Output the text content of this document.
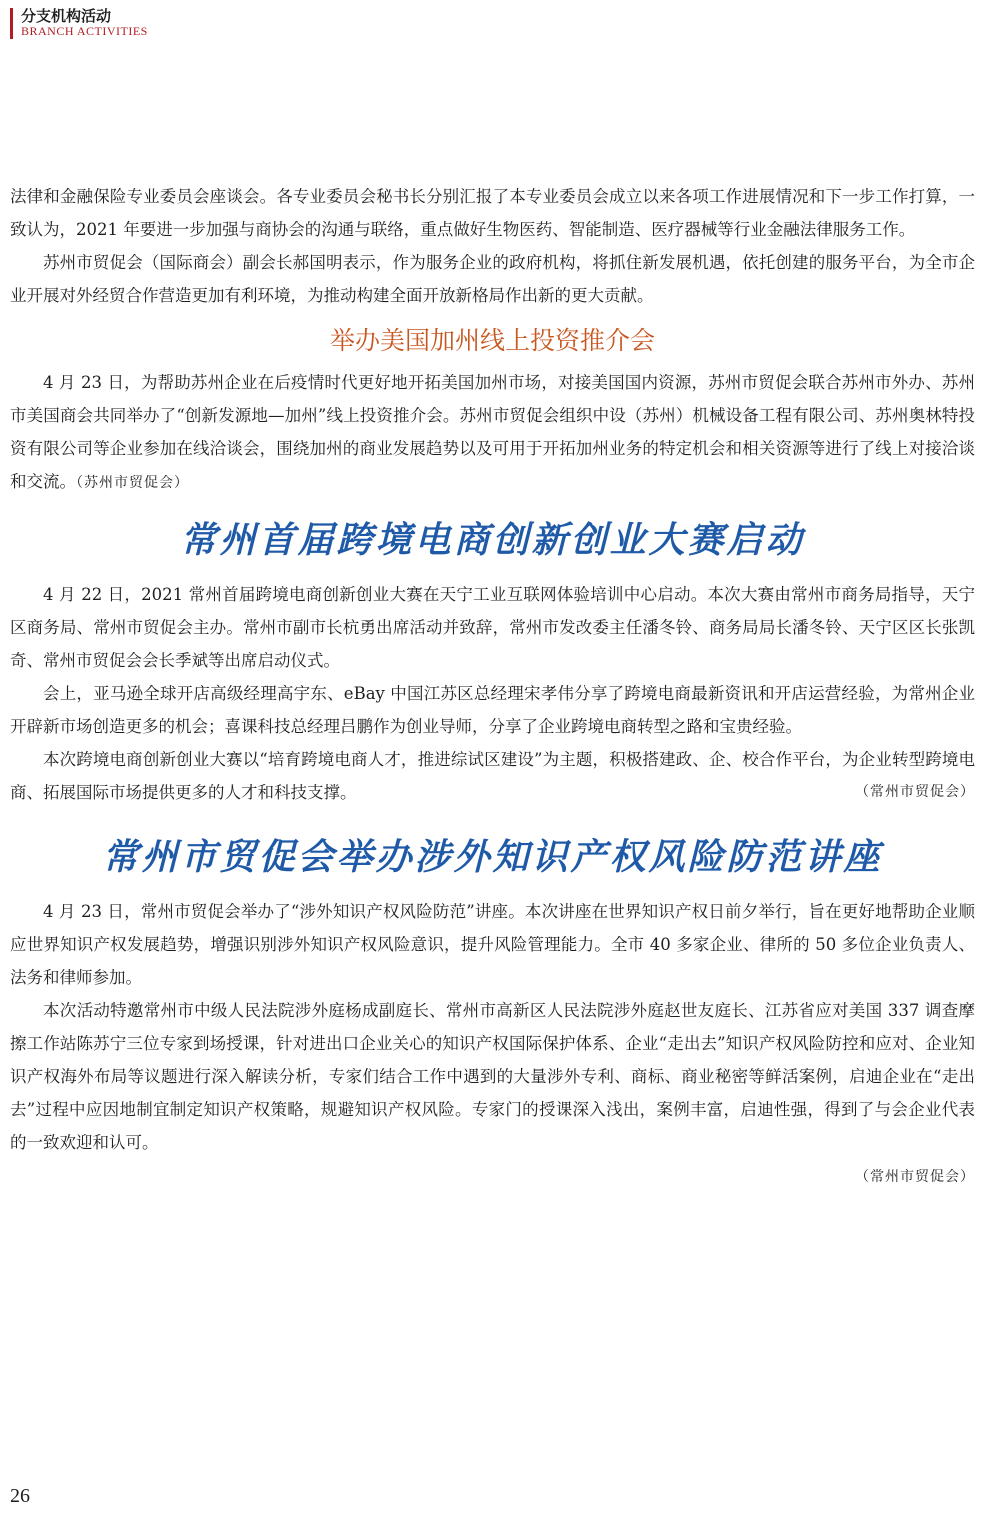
分支机构活动
BRANCH ACTIVITIES

法律和金融保险专业委员会座谈会。各专业委员会秘书长分别汇报了本专业委员会成立以来各项工作进展情况和下一步工作打算，一致认为，2021 年要进一步加强与商协会的沟通与联络，重点做好生物医药、智能制造、医疗器械等行业金融法律服务工作。

苏州市贸促会（国际商会）副会长郝国明表示，作为服务企业的政府机构，将抓住新发展机遇，依托创建的服务平台，为全市企业开展对外经贸合作营造更加有利环境，为推动构建全面开放新格局作出新的更大贡献。

举办美国加州线上投资推介会

4 月 23 日，为帮助苏州企业在后疫情时代更好地开拓美国加州市场，对接美国国内资源，苏州市贸促会联合苏州市外办、苏州市美国商会共同举办了“创新发源地—加州”线上投资推介会。苏州市贸促会组织中设（苏州）机械设备工程有限公司、苏州奥林特投资有限公司等企业参加在线洽谈会，围绕加州的商业发展趋势以及可用于开拓加州业务的特定机会和相关资源等进行了线上对接洽谈和交流。（苏州市贸促会）

常州首届跨境电商创新创业大赛启动

4 月 22 日，2021 常州首届跨境电商创新创业大赛在天宁工业互联网体验培训中心启动。本次大赛由常州市商务局指导，天宁区商务局、常州市贸促会主办。常州市副市长杭勇出席活动并致辞，常州市发改委主任潘冬铃、商务局局长潘冬铃、天宁区区长张凯奇、常州市贸促会会长季斌等出席启动仪式。

会上，亚马逊全球开店高级经理高宇东、eBay 中国江苏区总经理宋孝伟分享了跨境电商最新资讯和开店运营经验，为常州企业开辟新市场创造更多的机会；喜课科技总经理吕鹏作为创业导师，分享了企业跨境电商转型之路和宝贵经验。

本次跨境电商创新创业大赛以“培育跨境电商人才，推进综试区建设”为主题，积极搭建政、企、校合作平台，为企业转型跨境电商、拓展国际市场提供更多的人才和科技支撑。	（常州市贸促会）

常州市贸促会举办涉外知识产权风险防范讲座

4 月 23 日，常州市贸促会举办了“涉外知识产权风险防范”讲座。本次讲座在世界知识产权日前夕举行，旨在更好地帮助企业顺应世界知识产权发展趋势，增强识别涉外知识产权风险意识，提升风险管理能力。全市 40 多家企业、律所的 50 多位企业负责人、法务和律师参加。

本次活动特邀常州市中级人民法院涉外庭杨成副庭长、常州市高新区人民法院涉外庭赵世友庭长、江苏省应对美国 337 调查摩擦工作站陈苏宁三位专家到场授课，针对进出口企业关心的知识产权国际保护体系、企业“走出去”知识产权风险防控和应对、企业知识产权海外布局等议题进行深入解读分析，专家们结合工作中遇到的大量涉外专利、商标、商业秘密等鲜活案例，启迪企业在“走出去”过程中应因地制宜制定知识产权策略，规避知识产权风险。专家门的授课深入浅出，案例丰富，启迪性强，得到了与会企业代表的一致欢迎和认可。

（常州市贸促会）

26
